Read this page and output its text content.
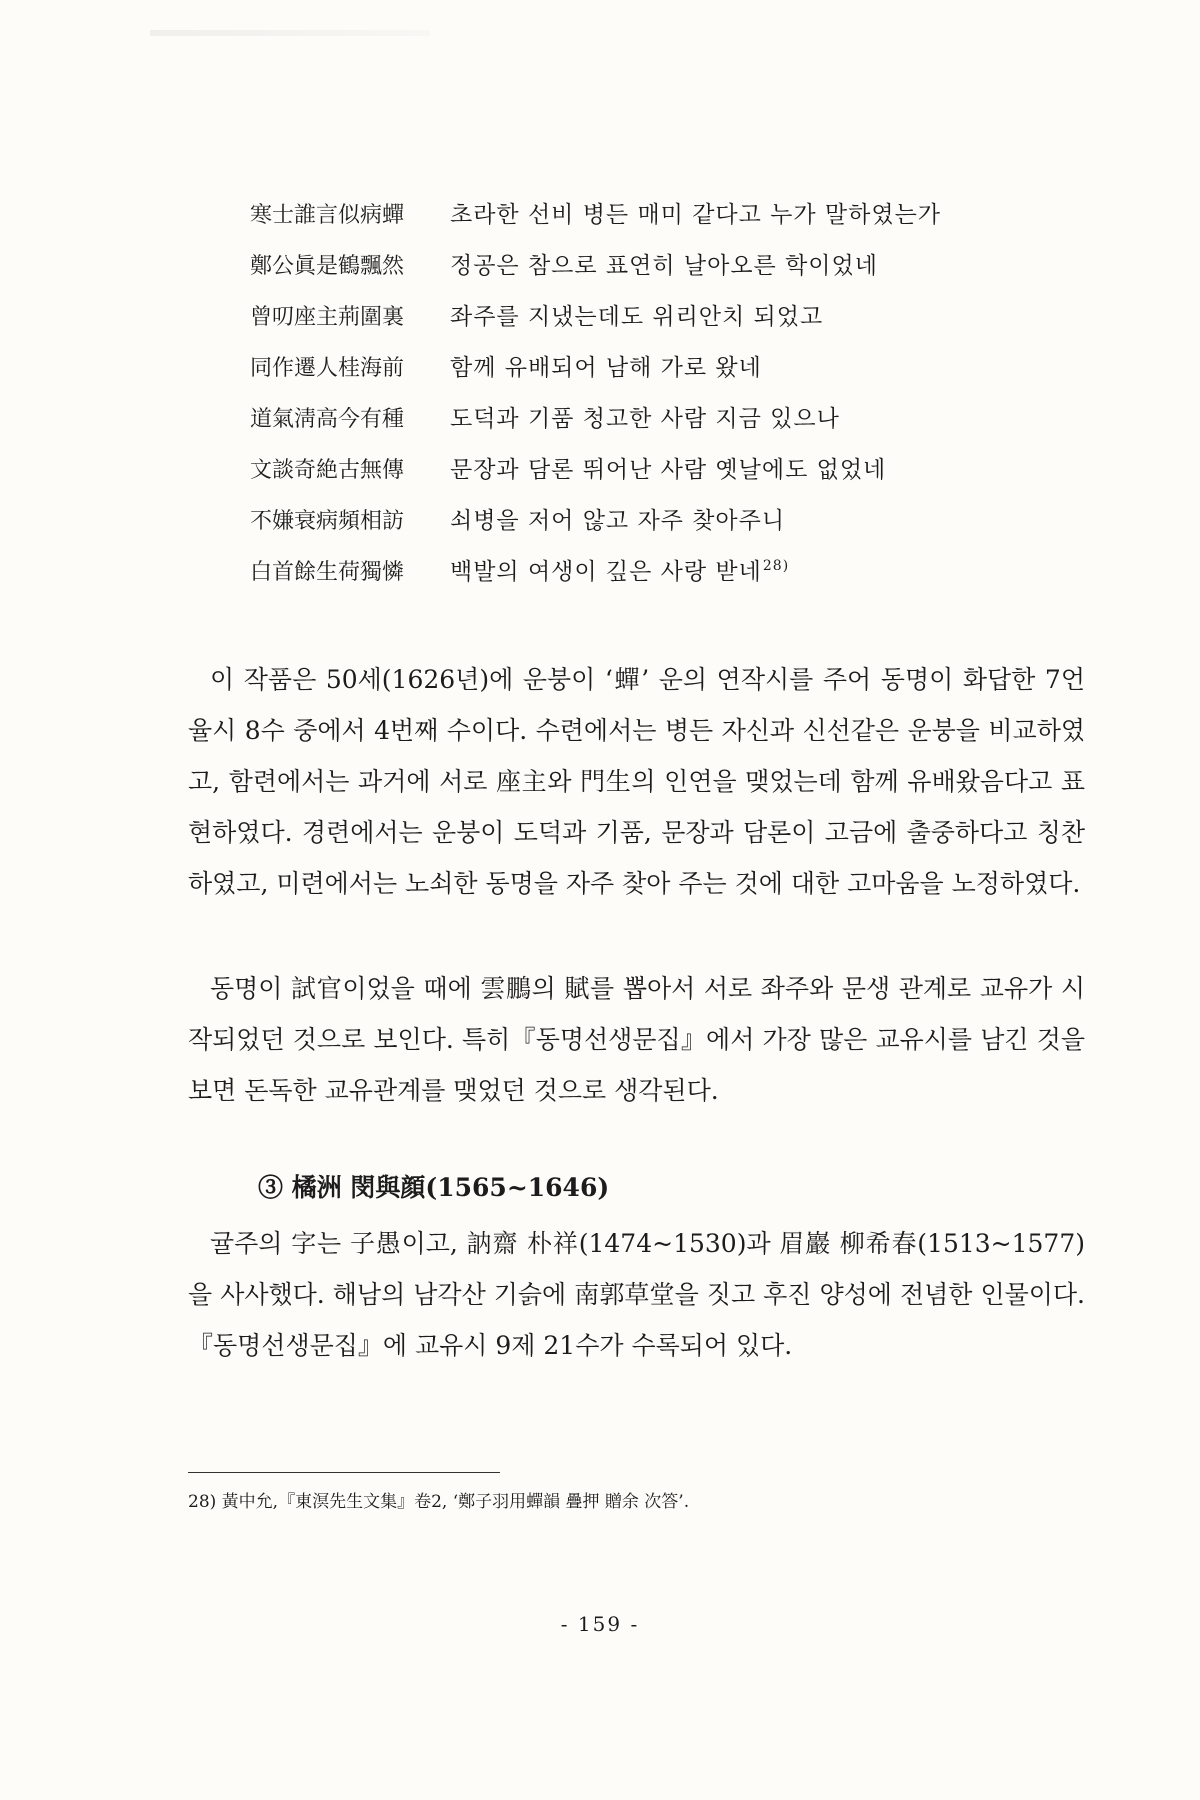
寒士誰言似病蟬	초라한 선비 병든 매미 같다고 누가 말하였는가
鄭公眞是鶴飄然	정공은 참으로 표연히 날아오른 학이었네
曾叨座主荊圍裏	좌주를 지냈는데도 위리안치 되었고
同作遷人桂海前	함께 유배되어 남해 가로 왔네
道氣淸高今有種	도덕과 기품 청고한 사람 지금 있으나
文談奇絶古無傳	문장과 담론 뛰어난 사람 옛날에도 없었네
不嫌衰病頻相訪	쇠병을 저어 않고 자주 찾아주니
白首餘生荷獨憐	백발의 여생이 깊은 사랑 받네$^{28)}$

이 작품은 50세(1626년)에 운붕이 ‘蟬’ 운의 연작시를 주어 동명이 화답한 7언 율시 8수 중에서 4번째 수이다. 수련에서는 병든 자신과 신선같은 운붕을 비교하였고, 함련에서는 과거에 서로 座主와 門生의 인연을 맺었는데 함께 유배왔음다고 표현하였다. 경련에서는 운붕이 도덕과 기품, 문장과 담론이 고금에 출중하다고 칭찬하였고, 미련에서는 노쇠한 동명을 자주 찾아 주는 것에 대한 고마움을 노정하였다.

동명이 試官이었을 때에 雲鵬의 賦를 뽑아서 서로 좌주와 문생 관계로 교유가 시작되었던 것으로 보인다. 특히『동명선생문집』에서 가장 많은 교유시를 남긴 것을 보면 돈독한 교유관계를 맺었던 것으로 생각된다.

③ 橘洲 閔與顔(1565~1646)

귤주의 字는 子愚이고, 訥齋 朴祥(1474~1530)과 眉巖 柳希春(1513~1577)을 사사했다. 해남의 남각산 기슭에 南郭草堂을 짓고 후진 양성에 전념한 인물이다.『동명선생문집』에 교유시 9제 21수가 수록되어 있다.

28) 黃中允,『東溟先生文集』卷2, ‘鄭子羽用蟬韻 疊押 贈余 次答’.

- 159 -
